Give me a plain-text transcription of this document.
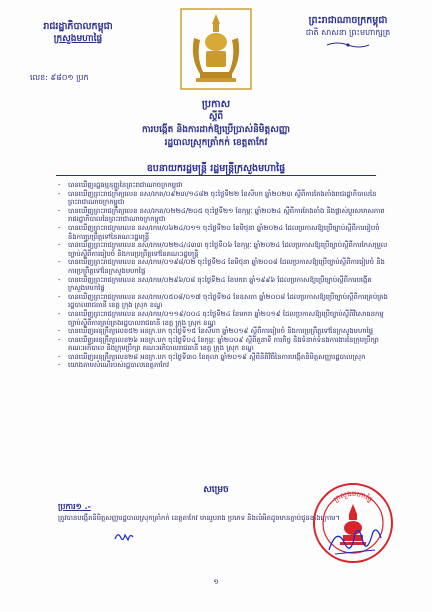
រាជរដ្ឋាភិបាលកម្ពុជា
ក្រសួងមហាផ្ទៃ
លេខ: ៩៨០១ ប្រក
ព្រះរាជាណាចក្រកម្ពុជា
ជាតិ សាសនា ព្រះមហាក្សត្រ
ប្រកាស
ស្តីពី
ការបង្កើត និងការដាក់ឱ្យប្រើប្រាស់និមិត្តសញ្ញា
រដ្ឋបាលស្រុកត្រាំកក់ ខេត្តតាកែវ
ឧបនាយករដ្ឋមន្ត្រី រដ្ឋមន្ត្រីក្រសួងមហាផ្ទៃ
- បានឃើញរដ្ឋធម្មនុញ្ញនៃព្រះរាជាណាចក្រកម្ពុជា
- បានឃើញព្រះរាជក្រឹត្យលេខ នស/រកត/០៩២៣/១៤៨២ ចុះថ្ងៃទី២២ ខែសីហា ឆ្នាំ២០២៣ ស្តីពីការតែងតាំងរាជរដ្ឋាភិបាលនៃព្រះរាជាណាចក្រកម្ពុជា
- បានឃើញព្រះរាជក្រឹត្យលេខ នស/រកត/០២២៤/២០៥ ចុះថ្ងៃទី២១ ខែកុម្ភៈ ឆ្នាំ២០២៤ ស្តីពីការតែងតាំង និងផ្លាស់ប្តូរសមាសភាពរាជរដ្ឋាភិបាលនៃព្រះរាជាណាចក្រកម្ពុជា
- បានឃើញព្រះរាជក្រមលេខ នស/រកម/០៦២៤/០១១ ចុះថ្ងៃទី២០ ខែមិថុនា ឆ្នាំ២០២៤ ដែលប្រកាសឱ្យប្រើច្បាប់ស្តីពីការរៀបចំ និងការប្រព្រឹត្តទៅនៃគណៈរដ្ឋមន្ត្រី
- បានឃើញព្រះរាជក្រមលេខ នស/រកម/០២២៤/៤៣៣ ចុះថ្ងៃទី០៦ ខែកុម្ភៈ ឆ្នាំ២០២៤ ដែលប្រកាសឱ្យប្រើច្បាប់ស្តីពីការកែសម្រួលច្បាប់ស្តីពីការរៀបចំ និងការប្រព្រឹត្តទៅនៃគណៈរដ្ឋមន្ត្រី
- បានឃើញព្រះរាជក្រមលេខ នស/រកម/០១៩៨/០២ ចុះថ្ងៃទី២៤ ខែមិថុនា ឆ្នាំ២០០៨ ដែលប្រកាសឱ្យប្រើច្បាប់ស្តីពីការរៀបចំ និងការប្រព្រឹត្តទៅនៃក្រសួងមហាផ្ទៃ
- បានឃើញព្រះរាជក្រមលេខ នស/រកម/០២៩៦/០៨ ចុះថ្ងៃទី២៤ ខែមករា ឆ្នាំ១៩៩៦ ដែលប្រកាសឱ្យប្រើច្បាប់ស្តីពីការបង្កើតក្រសួងមហាផ្ទៃ
- បានឃើញព្រះរាជក្រមលេខ នស/រកម/០៥០៨/០១៧ ចុះថ្ងៃទី២៤ ខែឧសភា ឆ្នាំ២០០៨ ដែលប្រកាសឱ្យប្រើច្បាប់ស្តីពីការគ្រប់គ្រងរដ្ឋបាលរាជធានី ខេត្ត ក្រុង ស្រុក ខណ្ឌ
- បានឃើញព្រះរាជក្រមលេខ នស/រកម/០១១៩/០០៤ ចុះថ្ងៃទី២៤ ខែមករា ឆ្នាំ២០១៩ ដែលប្រកាសឱ្យប្រើច្បាប់ស្តីពីវិសោធនកម្មច្បាប់ស្តីពីការគ្រប់គ្រងរដ្ឋបាលរាជធានី ខេត្ត ក្រុង ស្រុក ខណ្ឌ
- បានឃើញអនុក្រឹត្យលេខ៥២ អនក្រ.បក ចុះថ្ងៃទី១៥ ខែសីហា ឆ្នាំ២០១៩ ស្តីពីការរៀបចំ និងការប្រព្រឹត្តទៅនៃក្រសួងមហាផ្ទៃ
- បានឃើញអនុក្រឹត្យលេខ២៦ អនក្រ.បក ចុះថ្ងៃទី០៤ ខែកុម្ភៈ ឆ្នាំ២០០៩ ស្តីពីតួនាទី ភារកិច្ច និងទំនាក់ទំនងការងារនៃក្រុមប្រឹក្សា គណៈអភិបាល និងក្រុមប្រឹក្សា គណៈអភិបាលរាជធានី ខេត្ត ក្រុង ស្រុក ខណ្ឌ
- បានឃើញអនុក្រឹត្យលេខ២៨ អនក្រ.បក ចុះថ្ងៃទី៣០ ខែតុលា ឆ្នាំ២០១៩ ស្តីពីនីតិវិធីនៃការបង្កើតនិមិត្តសញ្ញារដ្ឋបាលស្រុក
- យោងតាមសំណើរបស់រដ្ឋបាលខេត្តតាកែវ
សម្រេច
ប្រការ១ .-
ត្រូវបានបង្កើតនិមិត្តសញ្ញារដ្ឋបាលស្រុកត្រាំកក់ ខេត្តតាកែវ មានរូបរាង ប្រភេទ និងលំអិតដូចមានភ្ជាប់ជូនខាងក្រោម។
ក្រសួងមហាផ្ទៃ
១
